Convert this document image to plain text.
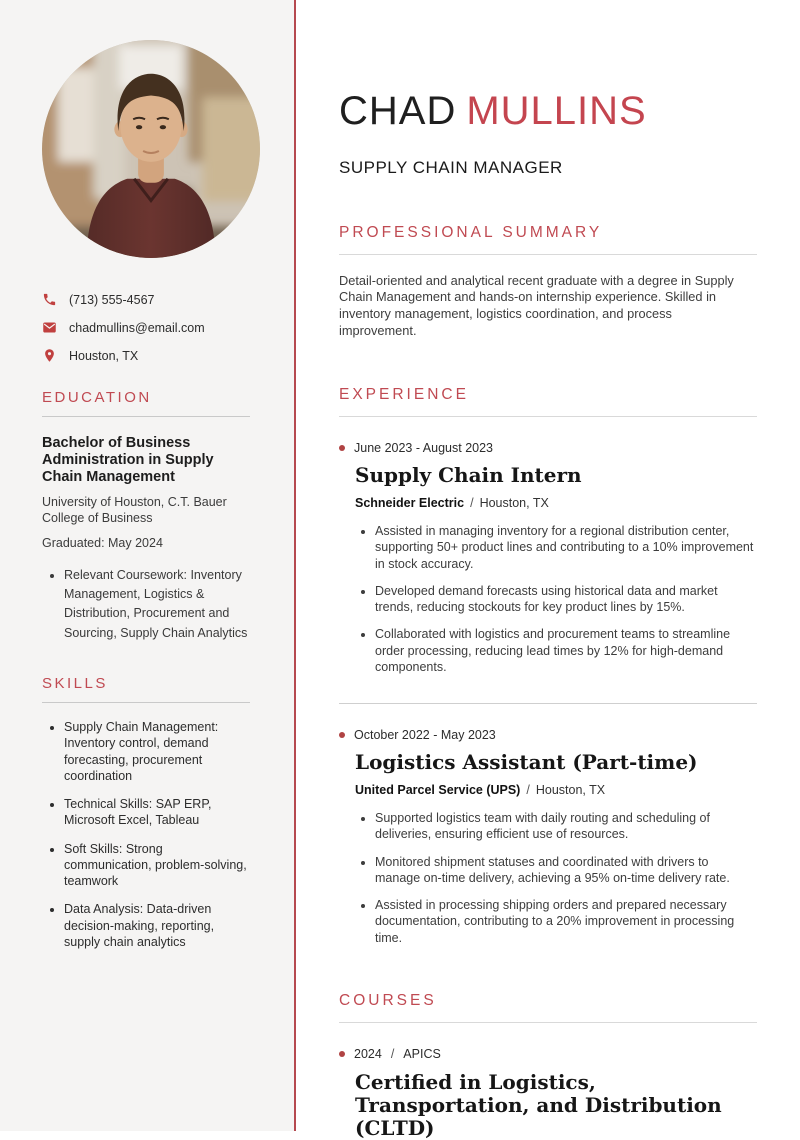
(713) 555-4567
chadmullins@email.com
Houston, TX
EDUCATION
Bachelor of Business Administration in Supply Chain Management
University of Houston, C.T. Bauer College of Business
Graduated: May 2024
• Relevant Coursework: Inventory Management, Logistics & Distribution, Procurement and Sourcing, Supply Chain Analytics
SKILLS
• Supply Chain Management: Inventory control, demand forecasting, procurement coordination
• Technical Skills: SAP ERP, Microsoft Excel, Tableau
• Soft Skills: Strong communication, problem-solving, teamwork
• Data Analysis: Data-driven decision-making, reporting, supply chain analytics
CHAD MULLINS
SUPPLY CHAIN MANAGER
PROFESSIONAL SUMMARY

Detail-oriented and analytical recent graduate with a degree in Supply Chain Management and hands-on internship experience. Skilled in inventory management, logistics coordination, and process improvement.

EXPERIENCE
June 2023 - August 2023
Supply Chain Intern
Schneider Electric / Houston, TX
• Assisted in managing inventory for a regional distribution center, supporting 50+ product lines and contributing to a 10% improvement in stock accuracy.
• Developed demand forecasts using historical data and market trends, reducing stockouts for key product lines by 15%.
• Collaborated with logistics and procurement teams to streamline order processing, reducing lead times by 12% for high-demand components.
October 2022 - May 2023
Logistics Assistant (Part-time)
United Parcel Service (UPS) / Houston, TX
• Supported logistics team with daily routing and scheduling of deliveries, ensuring efficient use of resources.
• Monitored shipment statuses and coordinated with drivers to manage on-time delivery, achieving a 95% on-time delivery rate.
• Assisted in processing shipping orders and prepared necessary documentation, contributing to a 20% improvement in processing time.
COURSES
2024 / APICS
Certified in Logistics, Transportation, and Distribution (CLTD)
